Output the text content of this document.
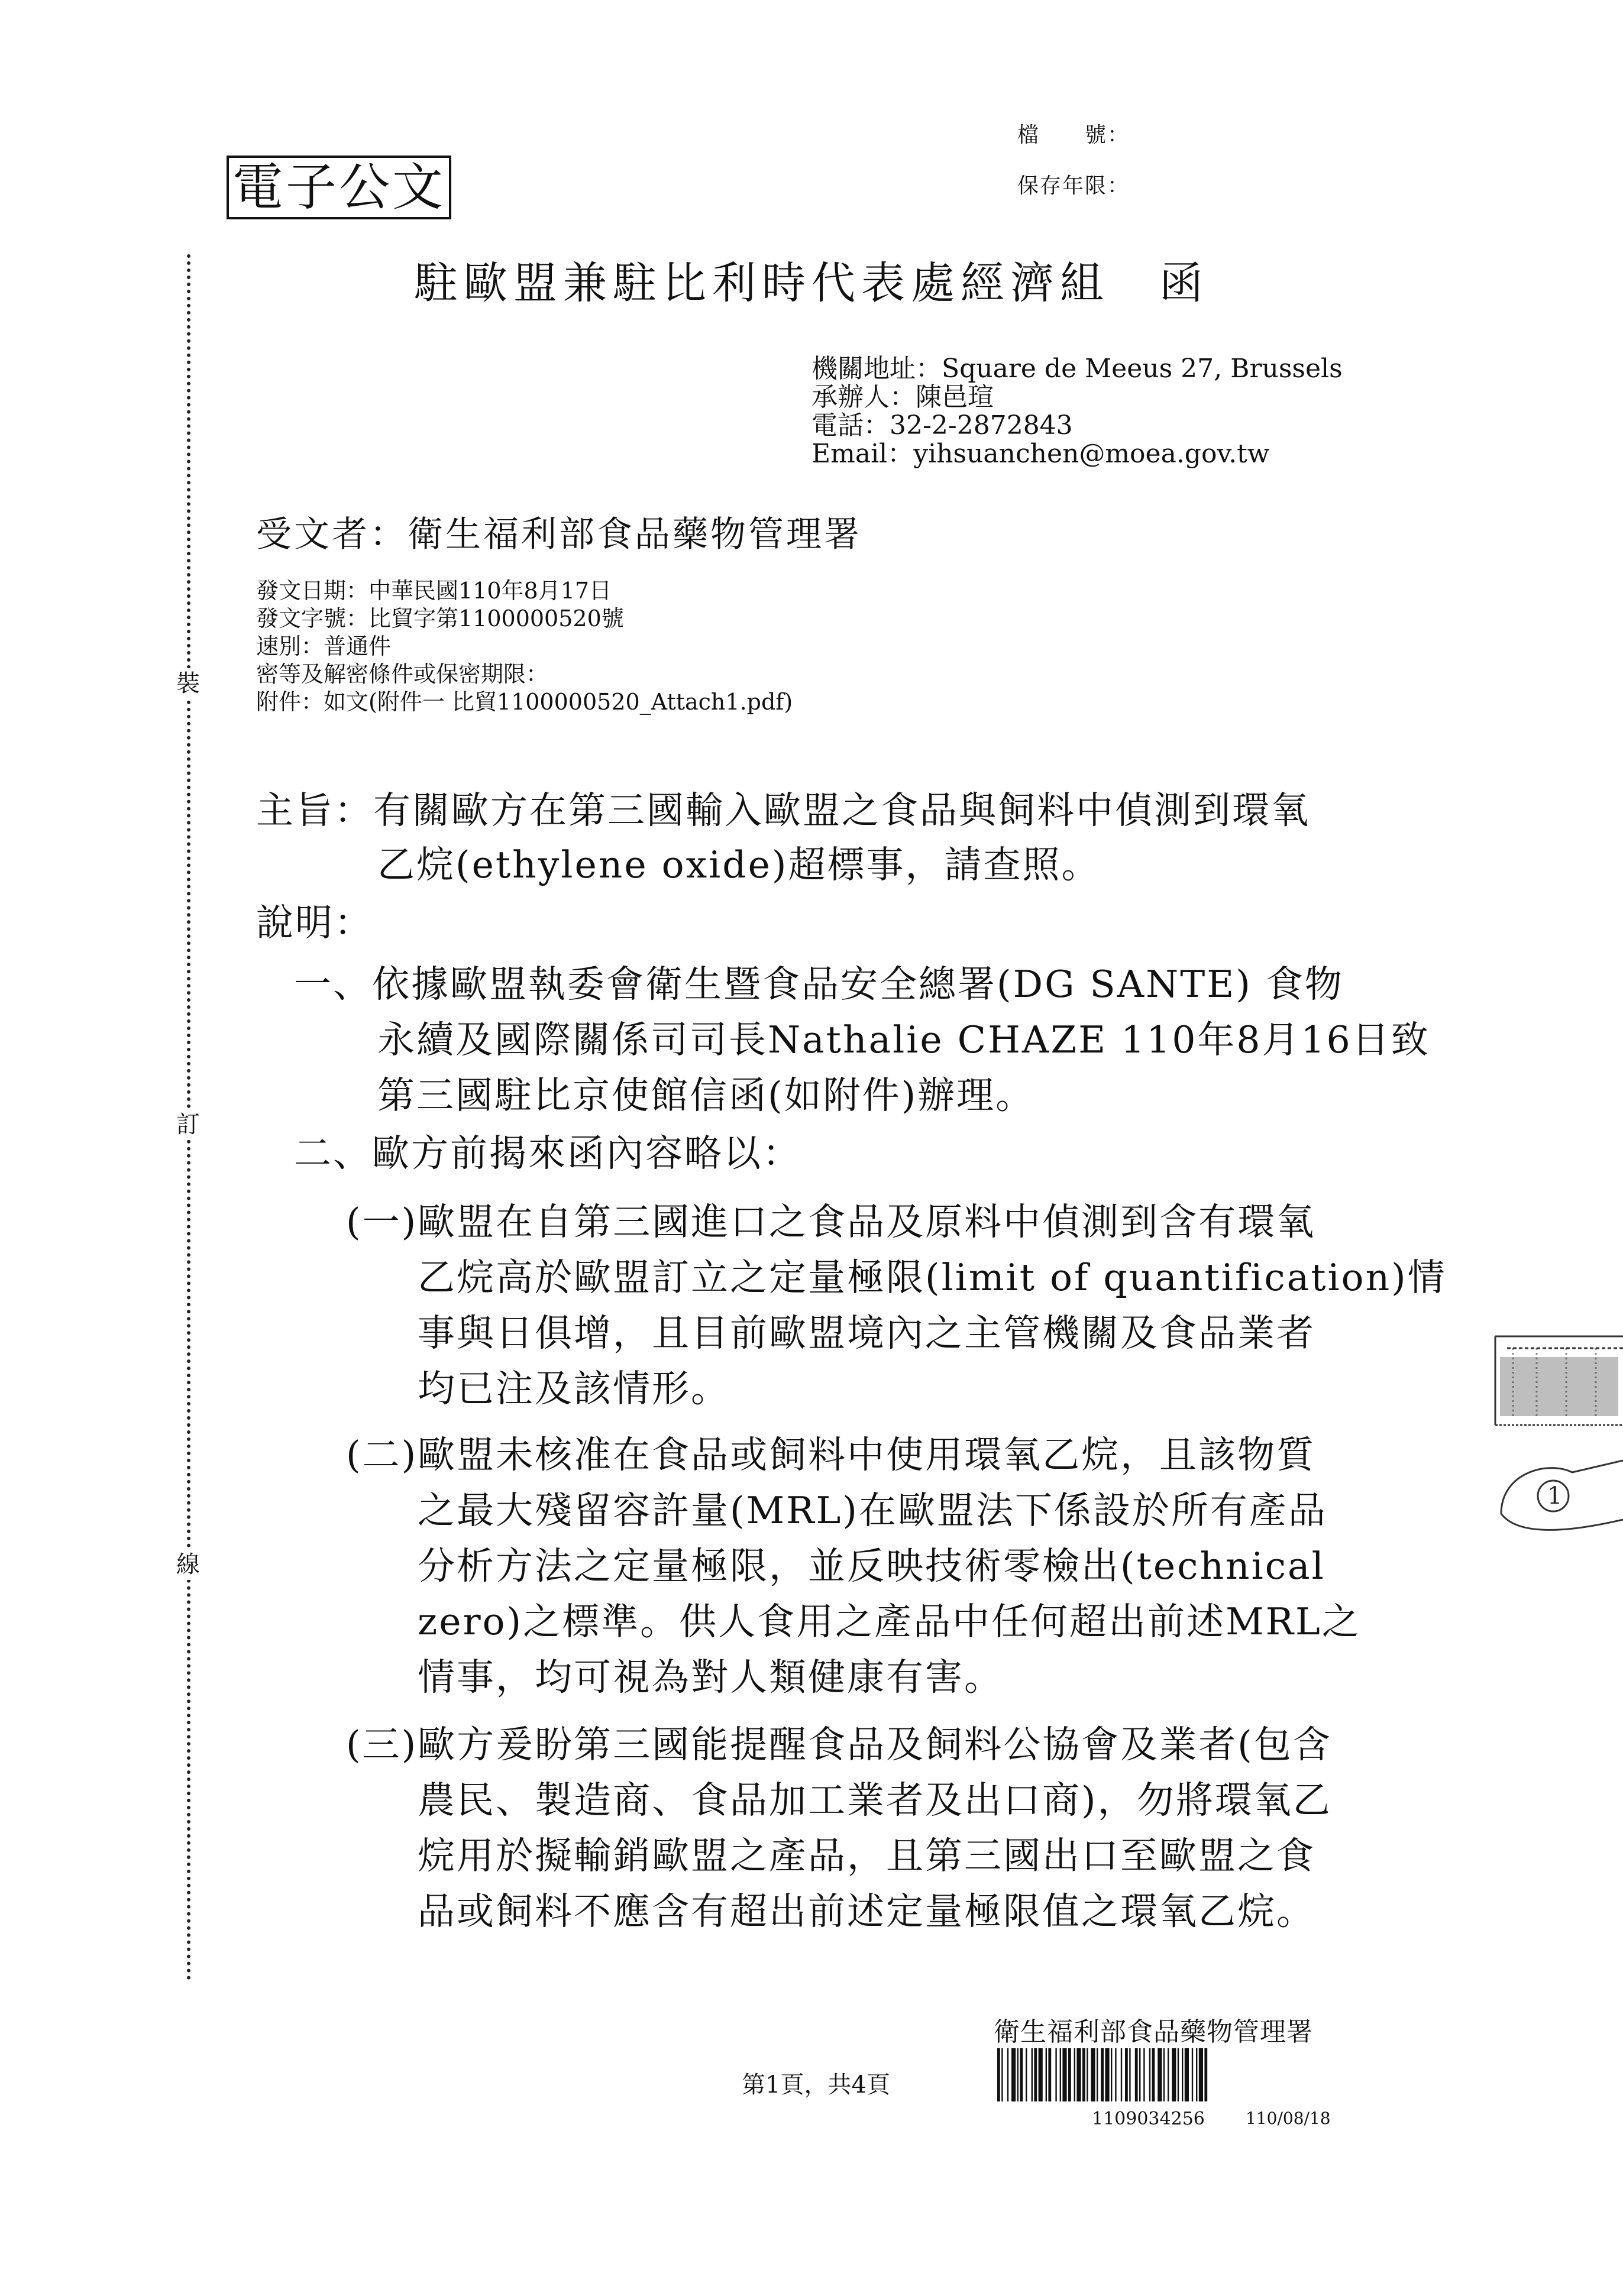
檔　　號：
保存年限：
電子公文
裝
訂
線
駐歐盟兼駐比利時代表處經濟組　函
機關地址：Square de Meeus 27, Brussels
承辦人：陳邑瑄
電話：32-2-2872843
Email：yihsuanchen@moea.gov.tw
受文者：衛生福利部食品藥物管理署
發文日期：中華民國110年8月17日
發文字號：比貿字第1100000520號
速別：普通件
密等及解密條件或保密期限：
附件：如文(附件一 比貿1100000520_Attach1.pdf)
主旨：有關歐方在第三國輸入歐盟之食品與飼料中偵測到環氧
乙烷(ethylene oxide)超標事，請查照。
說明：
一、依據歐盟執委會衛生暨食品安全總署(DG SANTE) 食物
永續及國際關係司司長Nathalie CHAZE 110年8月16日致
第三國駐比京使館信函(如附件)辦理。
二、歐方前揭來函內容略以：
(一)歐盟在自第三國進口之食品及原料中偵測到含有環氧
乙烷高於歐盟訂立之定量極限(limit of quantification)情
事與日俱增，且目前歐盟境內之主管機關及食品業者
均已注及該情形。
(二)歐盟未核准在食品或飼料中使用環氧乙烷，且該物質
之最大殘留容許量(MRL)在歐盟法下係設於所有產品
分析方法之定量極限，並反映技術零檢出(technical
zero)之標準。供人食用之產品中任何超出前述MRL之
情事，均可視為對人類健康有害。
(三)歐方爰盼第三國能提醒食品及飼料公協會及業者(包含
農民、製造商、食品加工業者及出口商)，勿將環氧乙
烷用於擬輸銷歐盟之產品，且第三國出口至歐盟之食
品或飼料不應含有超出前述定量極限值之環氧乙烷。
1
第1頁，共4頁
衛生福利部食品藥物管理署
1109034256 110/08/18
